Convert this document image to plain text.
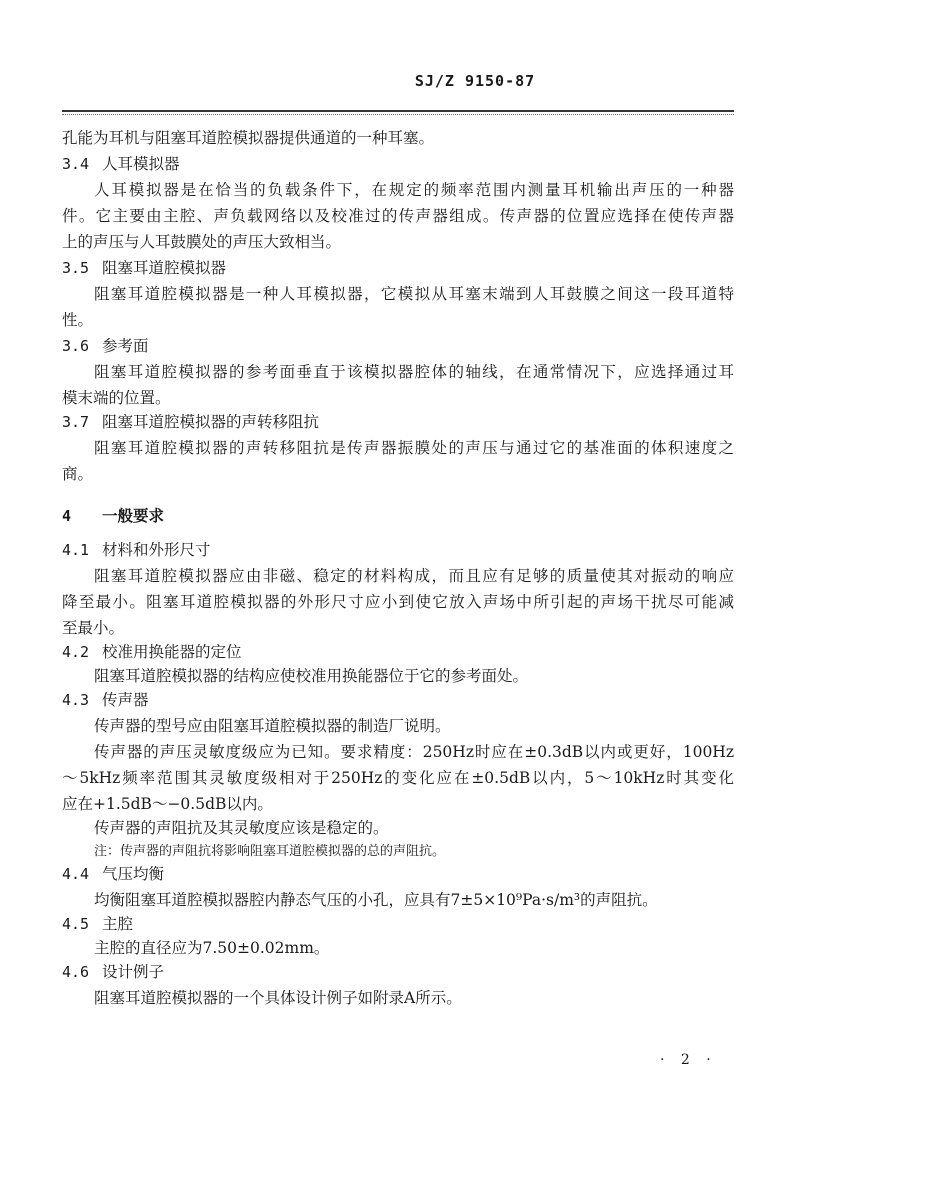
SJ/Z 9150-87
孔能为耳机与阻塞耳道腔模拟器提供通道的一种耳塞。
3.4 人耳模拟器
人耳模拟器是在恰当的负载条件下，在规定的频率范围内测量耳机输出声压的一种器
件。它主要由主腔、声负载网络以及校准过的传声器组成。传声器的位置应选择在使传声器
上的声压与人耳鼓膜处的声压大致相当。
3.5 阻塞耳道腔模拟器
阻塞耳道腔模拟器是一种人耳模拟器，它模拟从耳塞末端到人耳鼓膜之间这一段耳道特
性。
3.6 参考面
阻塞耳道腔模拟器的参考面垂直于该模拟器腔体的轴线，在通常情况下，应选择通过耳
模末端的位置。
3.7 阻塞耳道腔模拟器的声转移阻抗
阻塞耳道腔模拟器的声转移阻抗是传声器振膜处的声压与通过它的基准面的体积速度之
商。
4 一般要求
4.1 材料和外形尺寸
阻塞耳道腔模拟器应由非磁、稳定的材料构成，而且应有足够的质量使其对振动的响应
降至最小。阻塞耳道腔模拟器的外形尺寸应小到使它放入声场中所引起的声场干扰尽可能减
至最小。
4.2 校准用换能器的定位
阻塞耳道腔模拟器的结构应使校准用换能器位于它的参考面处。
4.3 传声器
传声器的型号应由阻塞耳道腔模拟器的制造厂说明。
传声器的声压灵敏度级应为已知。要求精度：250Hz时应在±0.3dB以内或更好，100Hz
～5kHz频率范围其灵敏度级相对于250Hz的变化应在±0.5dB以内，5～10kHz时其变化
应在+1.5dB～−0.5dB以内。
传声器的声阻抗及其灵敏度应该是稳定的。
注：传声器的声阻抗将影响阻塞耳道腔模拟器的总的声阻抗。
4.4 气压均衡
均衡阻塞耳道腔模拟器腔内静态气压的小孔，应具有7±5×10⁹Pa·s/m³的声阻抗。
4.5 主腔
主腔的直径应为7.50±0.02mm。
4.6 设计例子
阻塞耳道腔模拟器的一个具体设计例子如附录A所示。
· 2 ·
